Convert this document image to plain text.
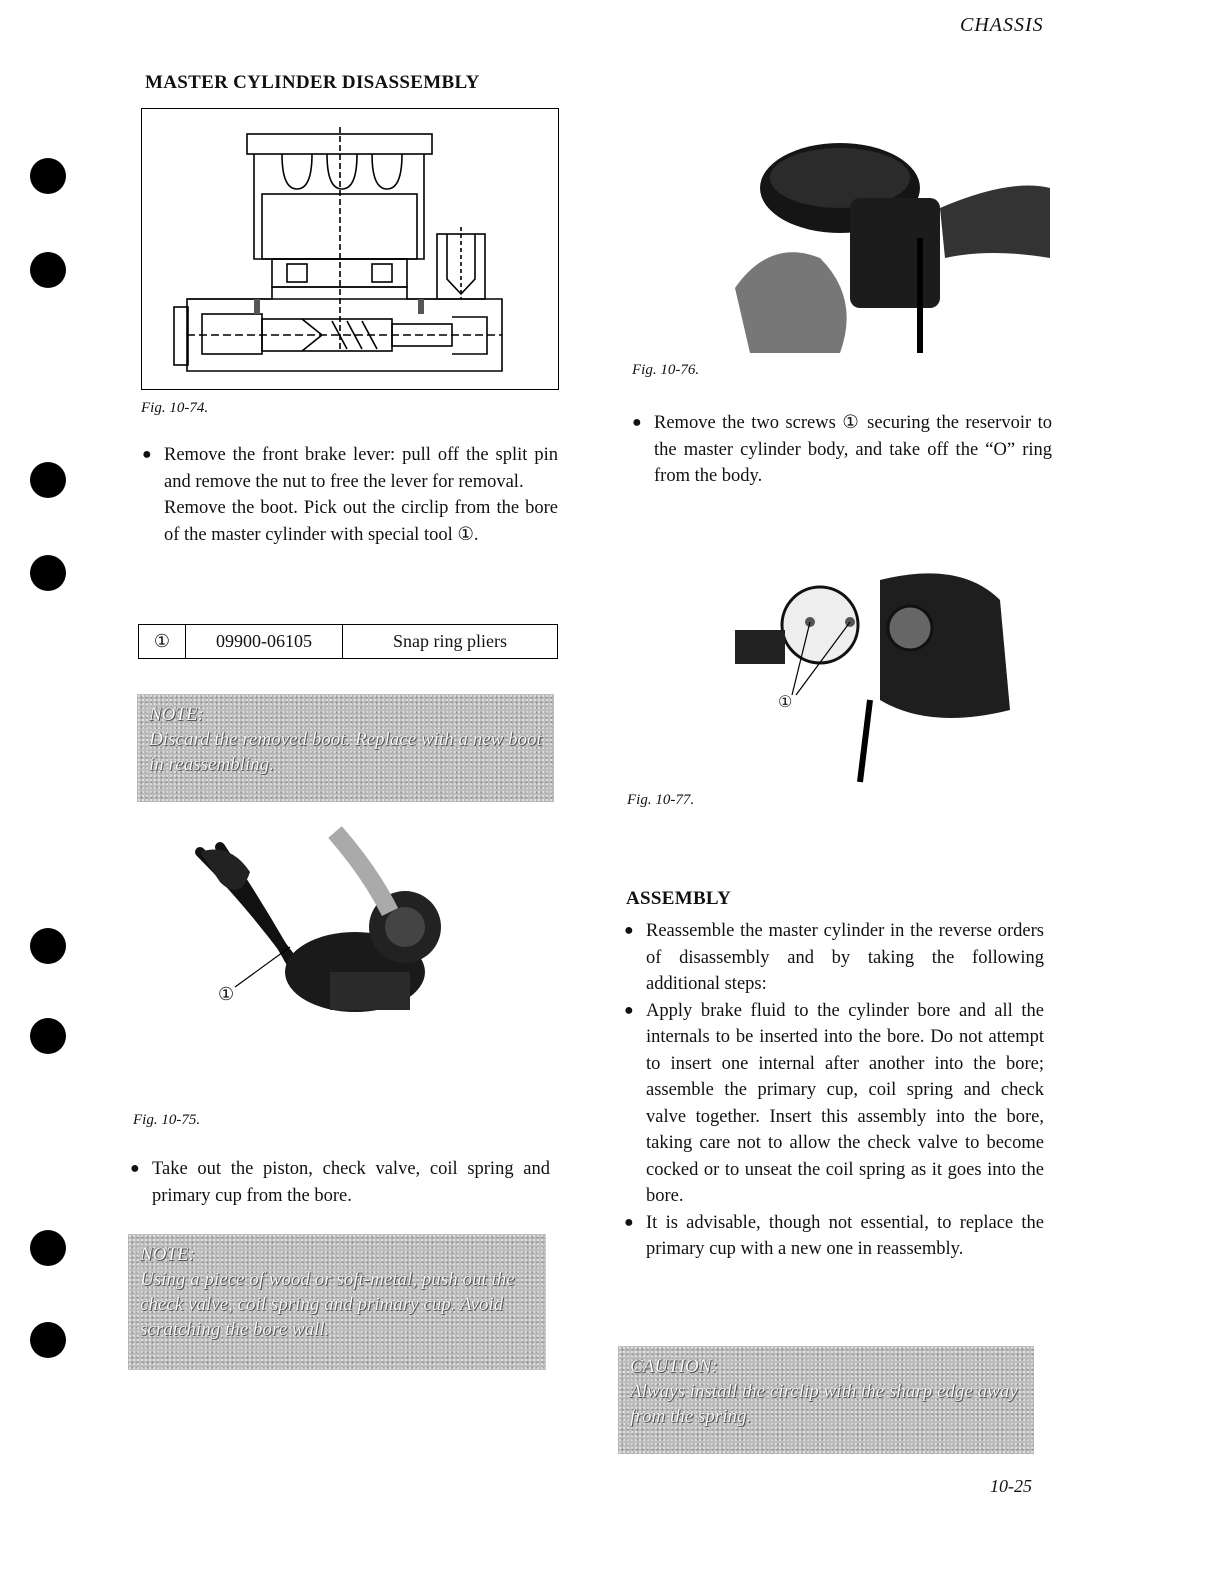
CHASSIS
MASTER CYLINDER DISASSEMBLY
Fig. 10-74.
● Remove the front brake lever: pull off the split pin and remove the nut to free the lever for removal.
Remove the boot. Pick out the circlip from the bore of the master cylinder with special tool ①.
①	09900-06105	Snap ring pliers
NOTE:
Discard the removed boot. Replace with a new boot in reassembling.
①
Fig. 10-75.
● Take out the piston, check valve, coil spring and primary cup from the bore.
NOTE:
Using a piece of wood or soft-metal, push out the check valve, coil spring and primary cup. Avoid scratching the bore wall.
Fig. 10-76.
● Remove the two screws ① securing the reservoir to the master cylinder body, and take off the “O” ring from the body.
①
Fig. 10-77.
ASSEMBLY
● Reassemble the master cylinder in the reverse orders of disassembly and by taking the following additional steps:
● Apply brake fluid to the cylinder bore and all the internals to be inserted into the bore. Do not attempt to insert one internal after another into the bore; assemble the primary cup, coil spring and check valve together. Insert this assembly into the bore, taking care not to allow the check valve to become cocked or to unseat the coil spring as it goes into the bore.
● It is advisable, though not essential, to replace the primary cup with a new one in reassembly.
CAUTION:
Always install the circlip with the sharp edge away from the spring.
10-25
